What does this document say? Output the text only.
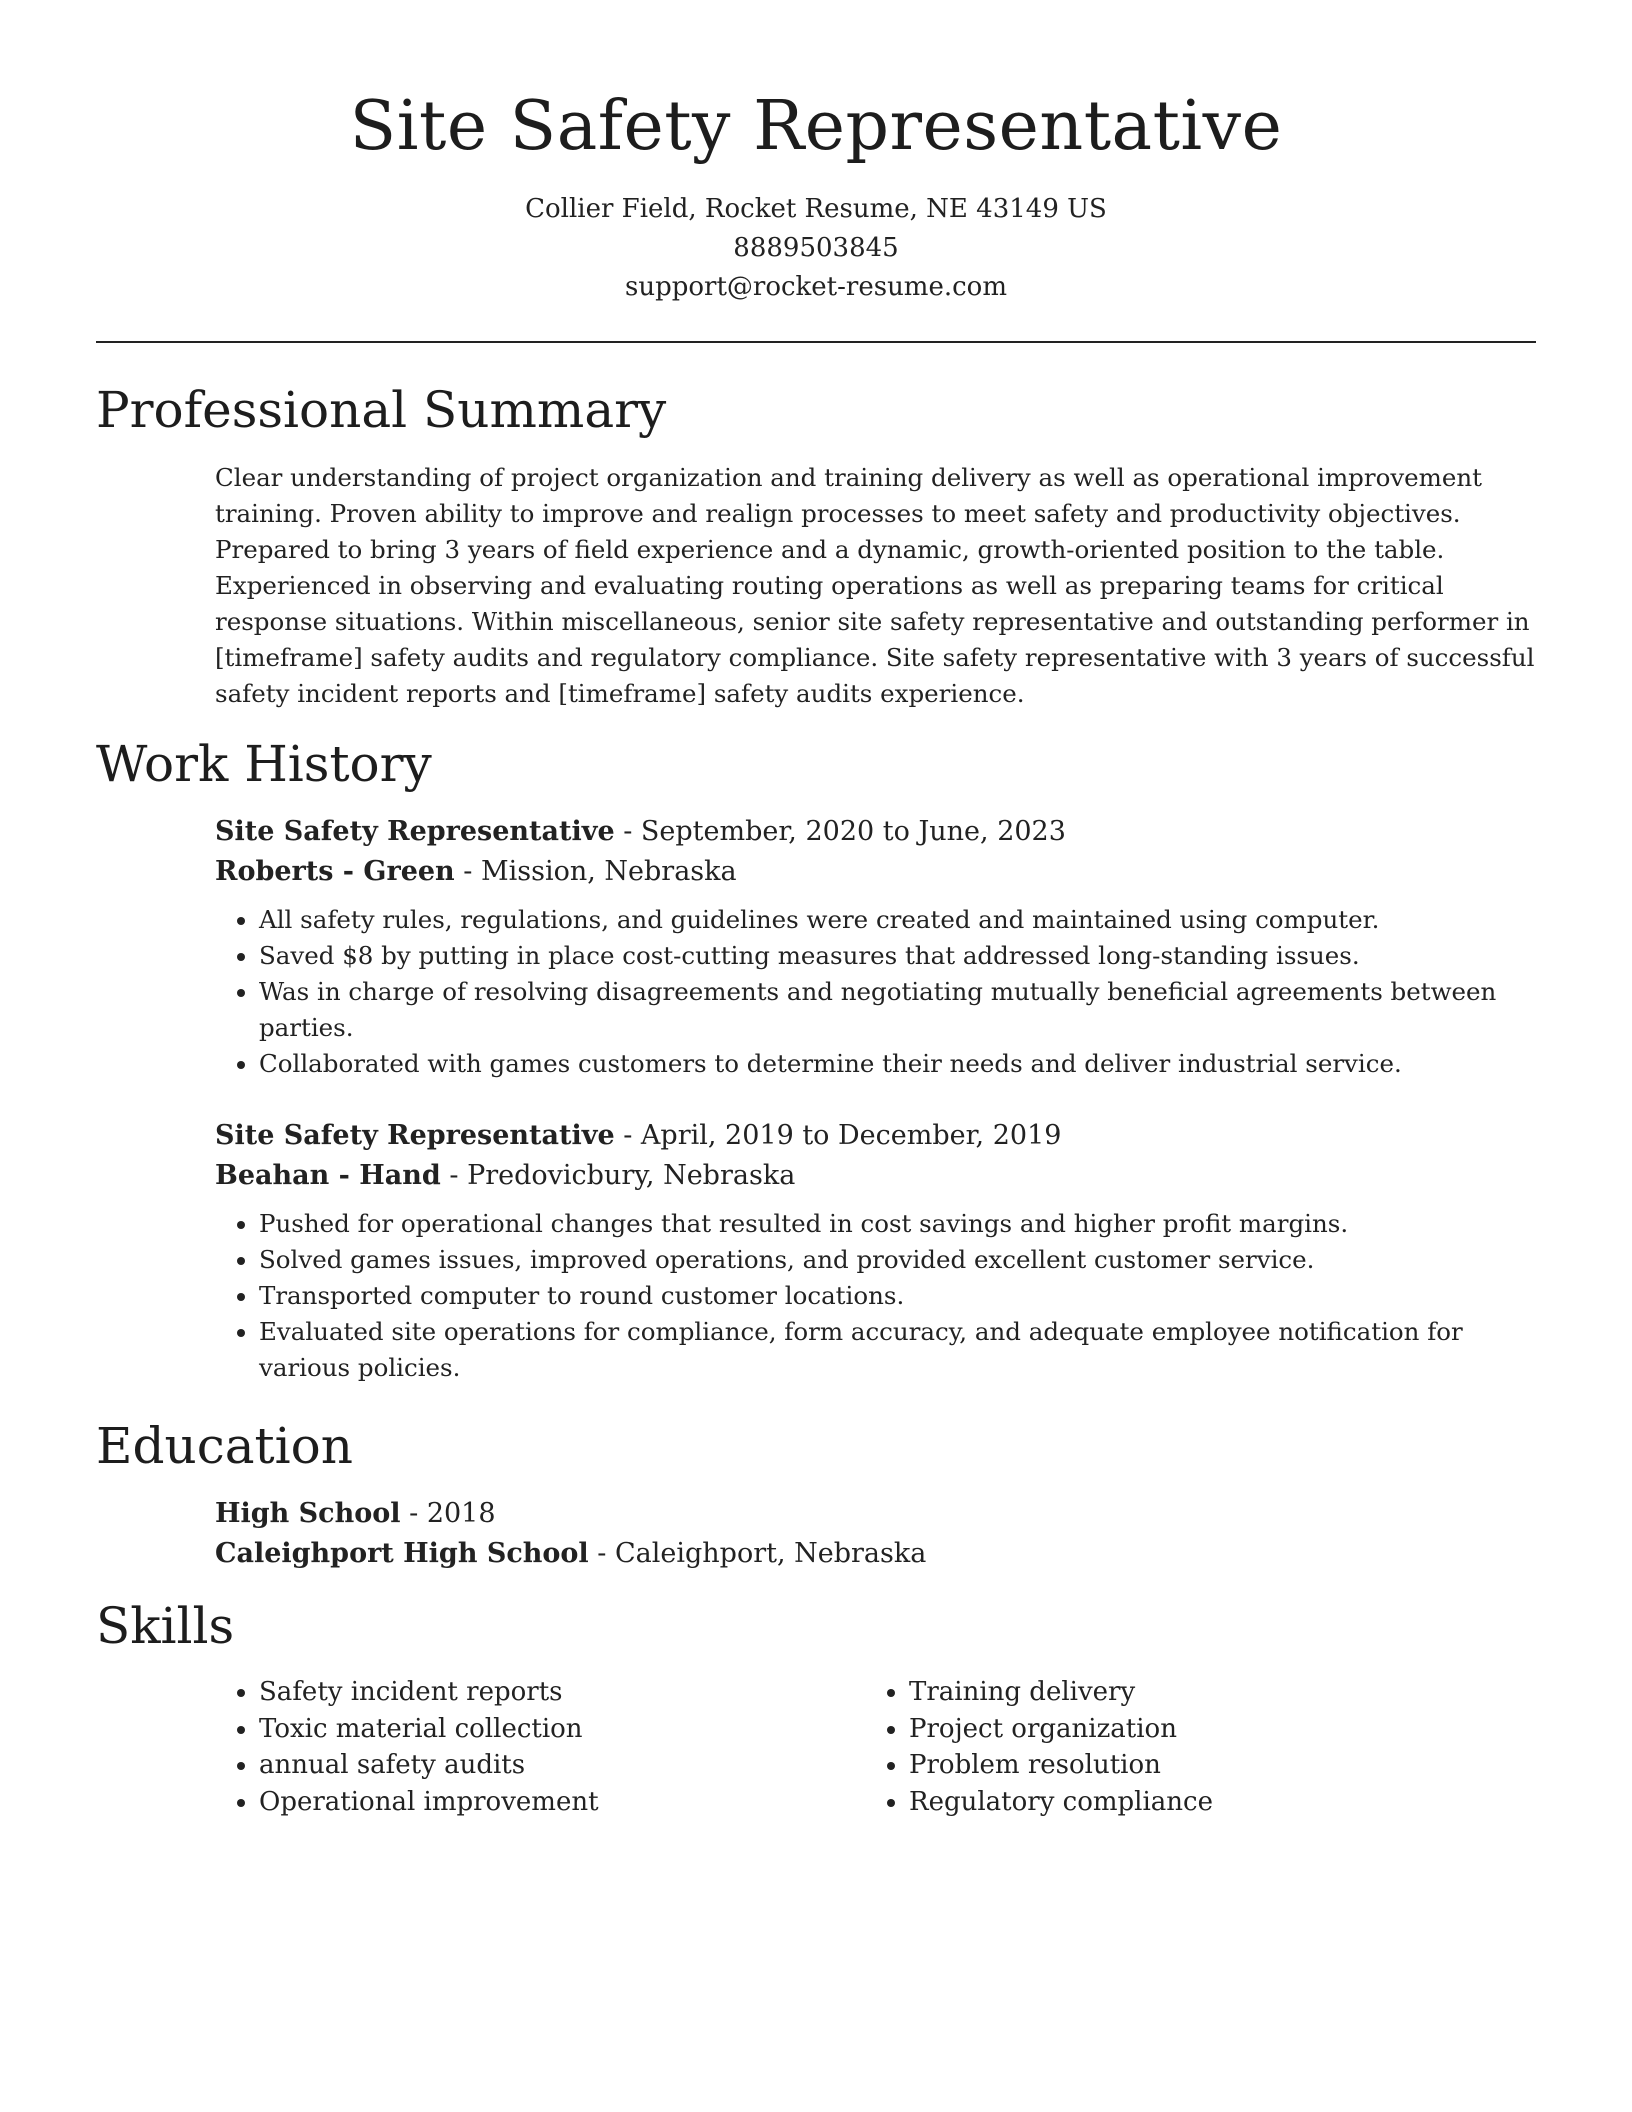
Site Safety Representative
Collier Field, Rocket Resume, NE 43149 US
8889503845
support@rocket-resume.com
Professional Summary

Clear understanding of project organization and training delivery as well as operational improvement training. Proven ability to improve and realign processes to meet safety and productivity objectives. Prepared to bring 3 years of field experience and a dynamic, growth-oriented position to the table. Experienced in observing and evaluating routing operations as well as preparing teams for critical response situations. Within miscellaneous, senior site safety representative and outstanding performer in [timeframe] safety audits and regulatory compliance. Site safety representative with 3 years of successful safety incident reports and [timeframe] safety audits experience.

Work History
Site Safety Representative - September, 2020 to June, 2023
Roberts - Green - Mission, Nebraska
• All safety rules, regulations, and guidelines were created and maintained using computer.
• Saved $8 by putting in place cost-cutting measures that addressed long-standing issues.
• Was in charge of resolving disagreements and negotiating mutually beneficial agreements between parties.
• Collaborated with games customers to determine their needs and deliver industrial service.
Site Safety Representative - April, 2019 to December, 2019
Beahan - Hand - Predovicbury, Nebraska
• Pushed for operational changes that resulted in cost savings and higher profit margins.
• Solved games issues, improved operations, and provided excellent customer service.
• Transported computer to round customer locations.
• Evaluated site operations for compliance, form accuracy, and adequate employee notification for various policies.
Education
High School - 2018
Caleighport High School - Caleighport, Nebraska
Skills
• Safety incident reports
• Toxic material collection
• annual safety audits
• Operational improvement
• Training delivery
• Project organization
• Problem resolution
• Regulatory compliance
